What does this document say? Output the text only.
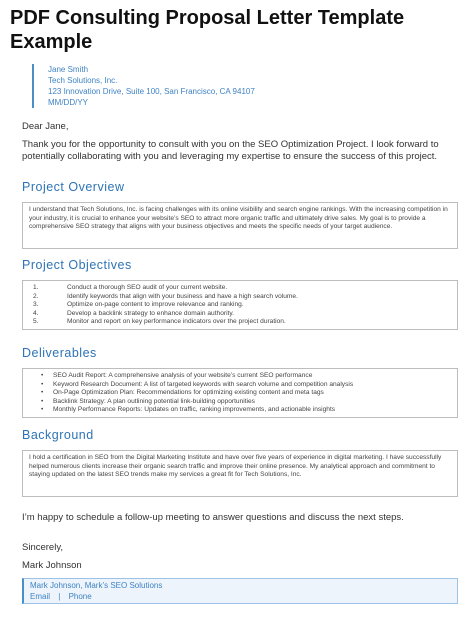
PDF Consulting Proposal Letter Template Example
Jane Smith
Tech Solutions, Inc.
123 Innovation Drive, Suite 100, San Francisco, CA 94107
MM/DD/YY
Dear Jane,
Thank you for the opportunity to consult with you on the SEO Optimization Project. I look forward to potentially collaborating with you and leveraging my expertise to ensure the success of this project.
Project Overview
I understand that Tech Solutions, Inc. is facing challenges with its online visibility and search engine rankings. With the increasing competition in your industry, it is crucial to enhance your website’s SEO to attract more organic traffic and ultimately drive sales. My goal is to provide a comprehensive SEO strategy that aligns with your business objectives and meets the specific needs of your target audience.
Project Objectives
1.	Conduct a thorough SEO audit of your current website.
2.	Identify keywords that align with your business and have a high search volume.
3.	Optimize on-page content to improve relevance and ranking.
4.	Develop a backlink strategy to enhance domain authority.
5.	Monitor and report on key performance indicators over the project duration.
Deliverables
•	SEO Audit Report: A comprehensive analysis of your website’s current SEO performance
•	Keyword Research Document: A list of targeted keywords with search volume and competition analysis
•	On-Page Optimization Plan: Recommendations for optimizing existing content and meta tags
•	Backlink Strategy: A plan outlining potential link-building opportunities
•	Monthly Performance Reports: Updates on traffic, ranking improvements, and actionable insights
Background
I hold a certification in SEO from the Digital Marketing Institute and have over five years of experience in digital marketing. I have successfully helped numerous clients increase their organic search traffic and improve their online presence. My analytical approach and commitment to staying updated on the latest SEO trends make my services a great fit for Tech Solutions, Inc.
I’m happy to schedule a follow-up meeting to answer questions and discuss the next steps.
Sincerely,
Mark Johnson
Mark Johnson, Mark’s SEO Solutions
Email | Phone
